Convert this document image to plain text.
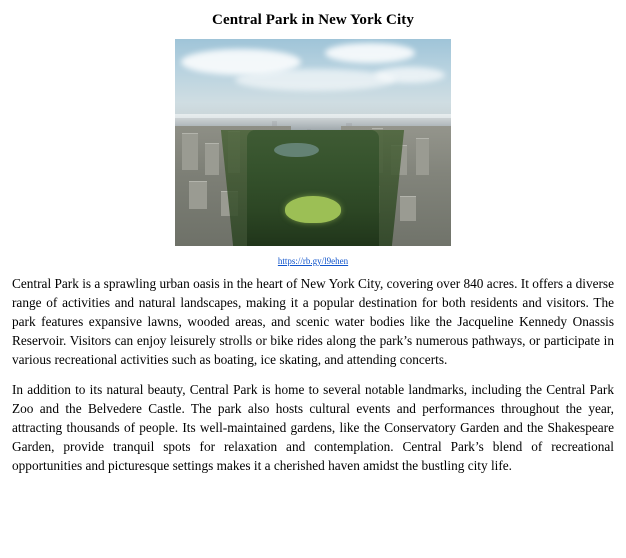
Central Park in New York City
https://rb.gy/l9ehen

Central Park is a sprawling urban oasis in the heart of New York City, covering over 840 acres. It offers a diverse range of activities and natural landscapes, making it a popular destination for both residents and visitors. The park features expansive lawns, wooded areas, and scenic water bodies like the Jacqueline Kennedy Onassis Reservoir. Visitors can enjoy leisurely strolls or bike rides along the park’s numerous pathways, or participate in various recreational activities such as boating, ice skating, and attending concerts.

In addition to its natural beauty, Central Park is home to several notable landmarks, including the Central Park Zoo and the Belvedere Castle. The park also hosts cultural events and performances throughout the year, attracting thousands of people. Its well-maintained gardens, like the Conservatory Garden and the Shakespeare Garden, provide tranquil spots for relaxation and contemplation. Central Park’s blend of recreational opportunities and picturesque settings makes it a cherished haven amidst the bustling city life.
